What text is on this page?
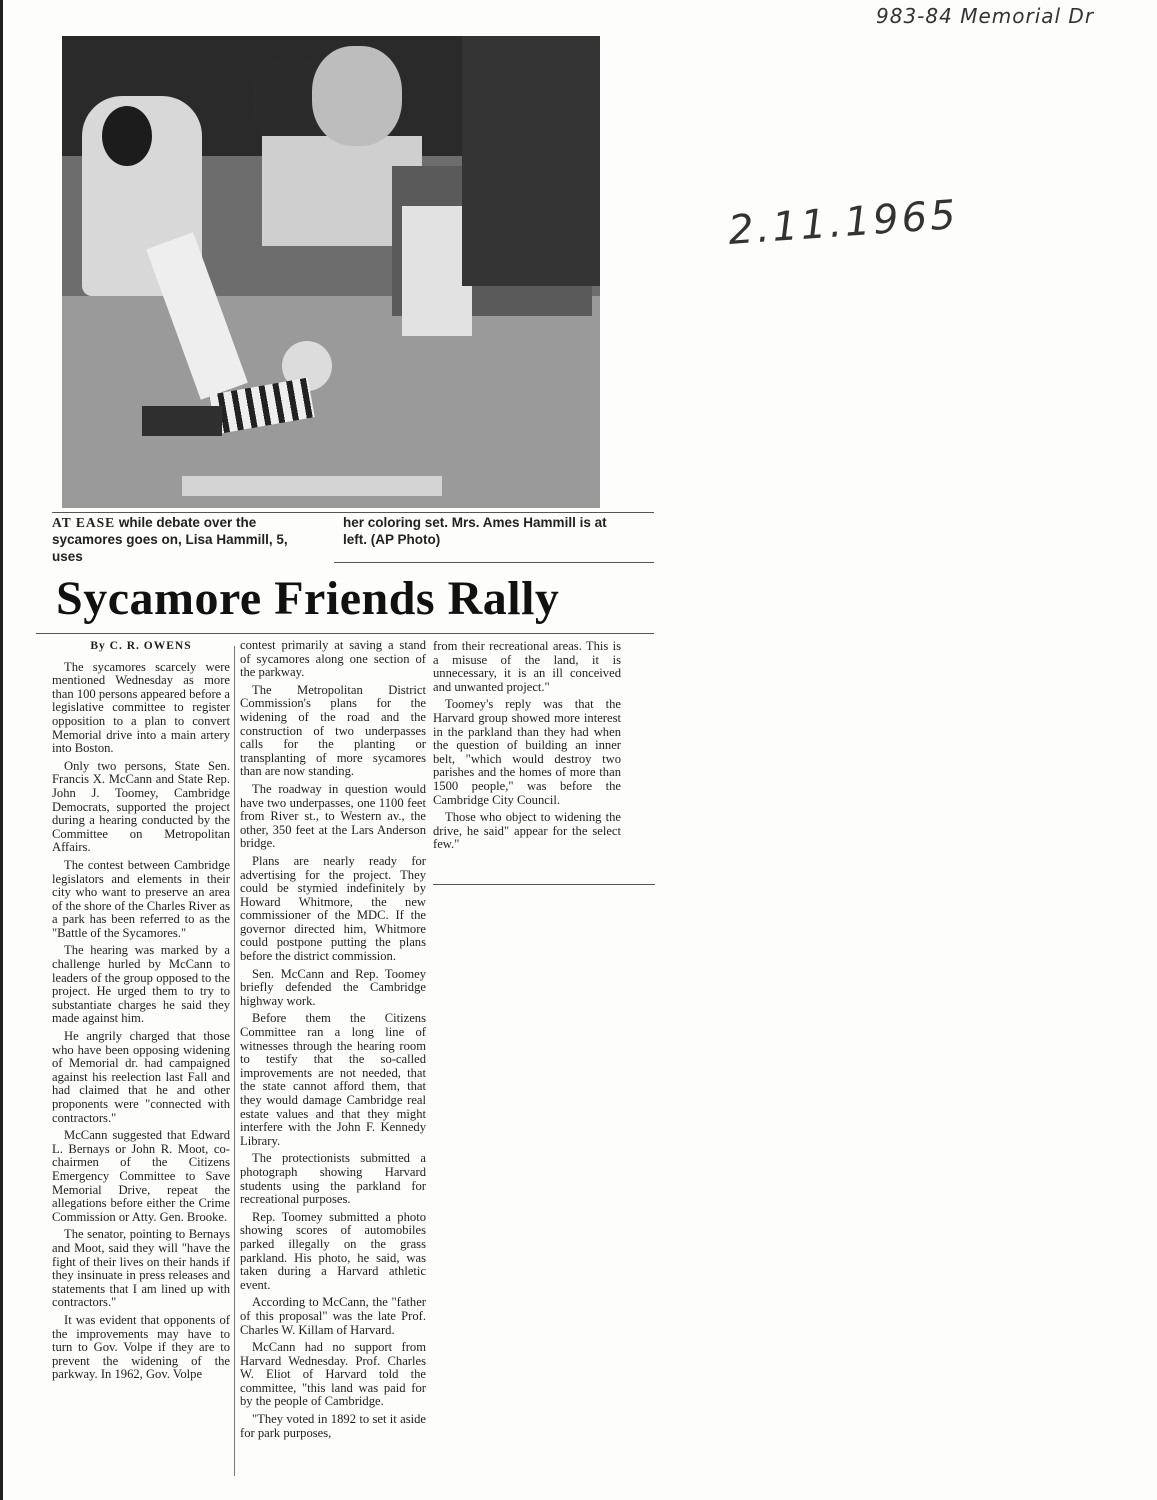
983-84 Memorial Dr
2.11.1965
AT EASE while debate over the sycamores goes on, Lisa Hammill, 5, uses
her coloring set. Mrs. Ames Hammill is at left. (AP Photo)
Sycamore Friends Rally
By C. R. OWENS

The sycamores scarcely were mentioned Wednesday as more than 100 persons appeared before a legislative committee to register opposition to a plan to convert Memorial drive into a main artery into Boston.

Only two persons, State Sen. Francis X. McCann and State Rep. John J. Toomey, Cambridge Democrats, supported the project during a hearing conducted by the Committee on Metropolitan Affairs.

The contest between Cambridge legislators and elements in their city who want to preserve an area of the shore of the Charles River as a park has been referred to as the "Battle of the Sycamores."

The hearing was marked by a challenge hurled by McCann to leaders of the group opposed to the project. He urged them to try to substantiate charges he said they made against him.

He angrily charged that those who have been opposing widening of Memorial dr. had campaigned against his reelection last Fall and had claimed that he and other proponents were "connected with contractors."

McCann suggested that Edward L. Bernays or John R. Moot, co-chairmen of the Citizens Emergency Committee to Save Memorial Drive, repeat the allegations before either the Crime Commission or Atty. Gen. Brooke.

The senator, pointing to Bernays and Moot, said they will "have the fight of their lives on their hands if they insinuate in press releases and statements that I am lined up with contractors."

It was evident that opponents of the improvements may have to turn to Gov. Volpe if they are to prevent the widening of the parkway. In 1962, Gov. Volpe

contest primarily at saving a stand of sycamores along one section of the parkway.

The Metropolitan District Commission's plans for the widening of the road and the construction of two underpasses calls for the planting or transplanting of more sycamores than are now standing.

The roadway in question would have two underpasses, one 1100 feet from River st., to Western av., the other, 350 feet at the Lars Anderson bridge.

Plans are nearly ready for advertising for the project. They could be stymied indefinitely by Howard Whitmore, the new commissioner of the MDC. If the governor directed him, Whitmore could postpone putting the plans before the district commission.

Sen. McCann and Rep. Toomey briefly defended the Cambridge highway work.

Before them the Citizens Committee ran a long line of witnesses through the hearing room to testify that the so-called improvements are not needed, that the state cannot afford them, that they would damage Cambridge real estate values and that they might interfere with the John F. Kennedy Library.

The protectionists submitted a photograph showing Harvard students using the parkland for recreational purposes.

Rep. Toomey submitted a photo showing scores of automobiles parked illegally on the grass parkland. His photo, he said, was taken during a Harvard athletic event.

According to McCann, the "father of this proposal" was the late Prof. Charles W. Killam of Harvard.

McCann had no support from Harvard Wednesday. Prof. Charles W. Eliot of Harvard told the committee, "this land was paid for by the people of Cambridge.

"They voted in 1892 to set it aside for park purposes,

from their recreational areas. This is a misuse of the land, it is unnecessary, it is an ill conceived and unwanted project."

Toomey's reply was that the Harvard group showed more interest in the parkland than they had when the question of building an inner belt, "which would destroy two parishes and the homes of more than 1500 people," was before the Cambridge City Council.

Those who object to widening the drive, he said" appear for the select few."
